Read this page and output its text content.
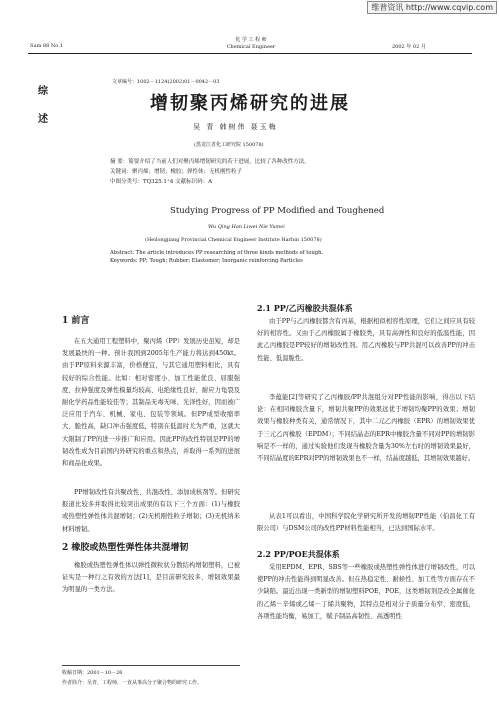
维普资讯 http://www.cqvip.com
Sum 88 No.1
化 学 工 程 师
Chemical Engineer	2002 年 02 月
综
述
文章编号：1002－1124(2002)01－0042－03
增韧聚丙烯研究的进展
吴 青 韩树伟 聂玉梅
(黑龙江省化工研究院 150078)
摘 要：简要介绍了当前人们对聚丙烯增韧研究的若干进展，比较了各种改性方法。
关键词：聚丙烯；增韧；橡胶；弹性体；无机刚性粒子
中图分类号：TQ325.1⁺4 文献标识码：A
Studying Progress of PP Modified and Toughened
Wu Qing Han Liwei Nie Yumei
(Heilongjiang Provincial Chemical Engineer Institute Harbin 150078)
Abstract: The article introduces PP researching of three kinds methods of tough.
Keywords: PP; Tough; Rubber; Elastomer; Inorganic reinforcing Particles
1 前言
在五大通用工程塑料中，聚丙烯（PP）发展历史虽短，却是发展最快的一种。预计我国到2005年生产能力将达到450kt。由于PP原料来源丰富，价格便宜，与其它通用塑料相比，具有较好的综合性能。比如：相对密度小、加工性能优良、屈服强度、拉伸强度及弹性模量均较高、电绝缘性良好、耐应力龟裂及耐化学药品性能较佳等；其制品无毒无味、光泽性好，因而被广泛应用于汽车、机械、家电、包装等领域。但PP成型收缩率大、脆性高，缺口冲击强度低，特别在低温时尤为严重，这就大大限制了PP的进一步推广和应用。因此PP的改性特别是PP的增韧改性成为目前国内外研究的重点和热点，并取得一系列的进展和商品化成果。
PP增韧改性有共聚改性、共混改性、添加成核剂等。但研究报道比较多并取得比较突出成果的有以下三个方面：(1)与橡胶或热塑性弹性体共混增韧；(2)无机刚性粒子增韧；(3)无机纳米材料增韧。
2 橡胶或热塑性弹性体共混增韧
橡胶或热塑性弹性体以弹性微粒状分散结构增韧塑料，已被证实是一种行之有效的方法[1]，是目前研究较多、增韧效果最为明显的一类方法。
收稿日期：2001－10－26
作者简介：吴青，工程师，一直从事高分子聚合物的研究工作。
2.1 PP/乙丙橡胶共混体系
由于PP与乙丙橡胶都含有丙基，根据相似相容性原理，它们之间应具有较好的相容性。又由于乙丙橡胶属于橡胶类，具有高弹性和良好的低温性能，因此乙丙橡胶是PP较好的增韧改性剂。用乙丙橡胶与PP共混可以改善PP的冲击性能、低温脆性。
李蕴能[2]等研究了乙丙橡胶/PP共混组分对PP性能的影响，得出以下结论：在相同橡胶含量下，增韧共聚PP的效果远优于增韧均聚PP的效果；增韧效果与橡胶种类有关，通常情况下，其中二元乙丙橡胶（EPR）的增韧效果优于三元乙丙橡胶（EPDM）；不同结晶态的EPR中橡胶含量不同对PP的增韧影响是不一样的，通过实验他们发现当橡胶含量为30%左右时的增韧效果最好，不同结晶度的EPR对PP的增韧效果也不一样，结晶度越低，其增韧效果越好。
从表1可以看出，中国科学院化学研究所开发的增韧PP性能（伯昌化工有限公司）与DSM公司的改性PP材料性能相当，已达到国际水平。
2.2 PP/POE共混体系
采用EPDM、EPR、SBS等一些橡胶或热塑性弹性体进行增韧改性，可以使PP的冲击性能得到明显改善。但在热稳定性、耐候性、加工性等方面存在不少缺陷。最近出现一类新型的增韧塑料POE，POE，这类增韧剂是改全属催化的乙烯－辛烯或乙烯－丁烯共聚物，其特点是相对分子质量分布窄、密度低，各项性能均衡，易加工，赋予制品高韧性、高透明性
